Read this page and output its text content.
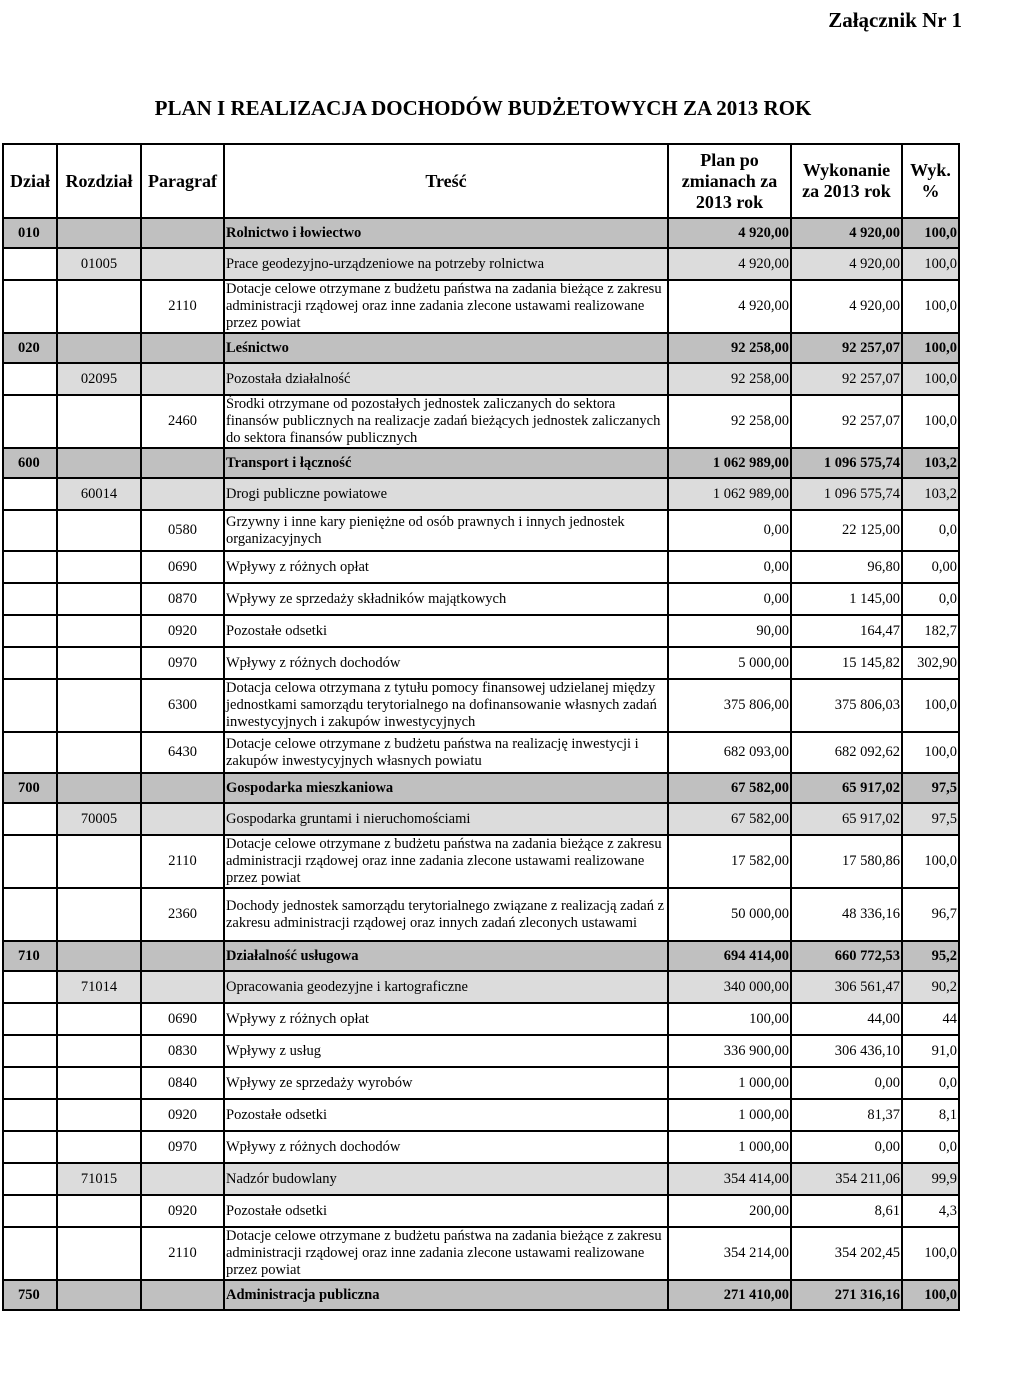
Załącznik Nr 1
PLAN I REALIZACJA DOCHODÓW BUDŻETOWYCH ZA 2013 ROK
Dział	Rozdział	Paragraf	Treść	Plan po zmianach za 2013 rok	Wykonanie za 2013 rok	Wyk. %
010			Rolnictwo i łowiectwo	4 920,00	4 920,00	100,0
	01005		Prace geodezyjno-urządzeniowe na potrzeby rolnictwa	4 920,00	4 920,00	100,0
		2110	Dotacje celowe otrzymane z budżetu państwa na zadania bieżące z zakresu administracji rządowej oraz inne zadania zlecone ustawami realizowane przez powiat	4 920,00	4 920,00	100,0
020			Leśnictwo	92 258,00	92 257,07	100,0
	02095		Pozostała działalność	92 258,00	92 257,07	100,0
		2460	Środki otrzymane od pozostałych jednostek zaliczanych do sektora finansów publicznych na realizacje zadań bieżących jednostek zaliczanych do sektora finansów publicznych	92 258,00	92 257,07	100,0
600			Transport i łączność	1 062 989,00	1 096 575,74	103,2
	60014		Drogi publiczne powiatowe	1 062 989,00	1 096 575,74	103,2
		0580	Grzywny i inne kary pieniężne od osób prawnych i innych jednostek organizacyjnych	0,00	22 125,00	0,0
		0690	Wpływy z różnych opłat	0,00	96,80	0,00
		0870	Wpływy ze sprzedaży składników majątkowych	0,00	1 145,00	0,0
		0920	Pozostałe odsetki	90,00	164,47	182,7
		0970	Wpływy z różnych dochodów	5 000,00	15 145,82	302,90
		6300	Dotacja celowa otrzymana z tytułu pomocy finansowej udzielanej między jednostkami samorządu terytorialnego na dofinansowanie własnych zadań inwestycyjnych i zakupów inwestycyjnych	375 806,00	375 806,03	100,0
		6430	Dotacje celowe otrzymane z budżetu państwa na realizację inwestycji i zakupów inwestycyjnych własnych powiatu	682 093,00	682 092,62	100,0
700			Gospodarka mieszkaniowa	67 582,00	65 917,02	97,5
	70005		Gospodarka gruntami i nieruchomościami	67 582,00	65 917,02	97,5
		2110	Dotacje celowe otrzymane z budżetu państwa na zadania bieżące z zakresu administracji rządowej oraz inne zadania zlecone ustawami realizowane przez powiat	17 582,00	17 580,86	100,0
		2360	Dochody jednostek samorządu terytorialnego związane z realizacją zadań z zakresu administracji rządowej oraz innych zadań zleconych ustawami	50 000,00	48 336,16	96,7
710			Działalność usługowa	694 414,00	660 772,53	95,2
	71014		Opracowania geodezyjne i kartograficzne	340 000,00	306 561,47	90,2
		0690	Wpływy z różnych opłat	100,00	44,00	44
		0830	Wpływy z usług	336 900,00	306 436,10	91,0
		0840	Wpływy ze sprzedaży wyrobów	1 000,00	0,00	0,0
		0920	Pozostałe odsetki	1 000,00	81,37	8,1
		0970	Wpływy z różnych dochodów	1 000,00	0,00	0,0
	71015		Nadzór budowlany	354 414,00	354 211,06	99,9
		0920	Pozostałe odsetki	200,00	8,61	4,3
		2110	Dotacje celowe otrzymane z budżetu państwa na zadania bieżące z zakresu administracji rządowej oraz inne zadania zlecone ustawami realizowane przez powiat	354 214,00	354 202,45	100,0
750			Administracja publiczna	271 410,00	271 316,16	100,0
